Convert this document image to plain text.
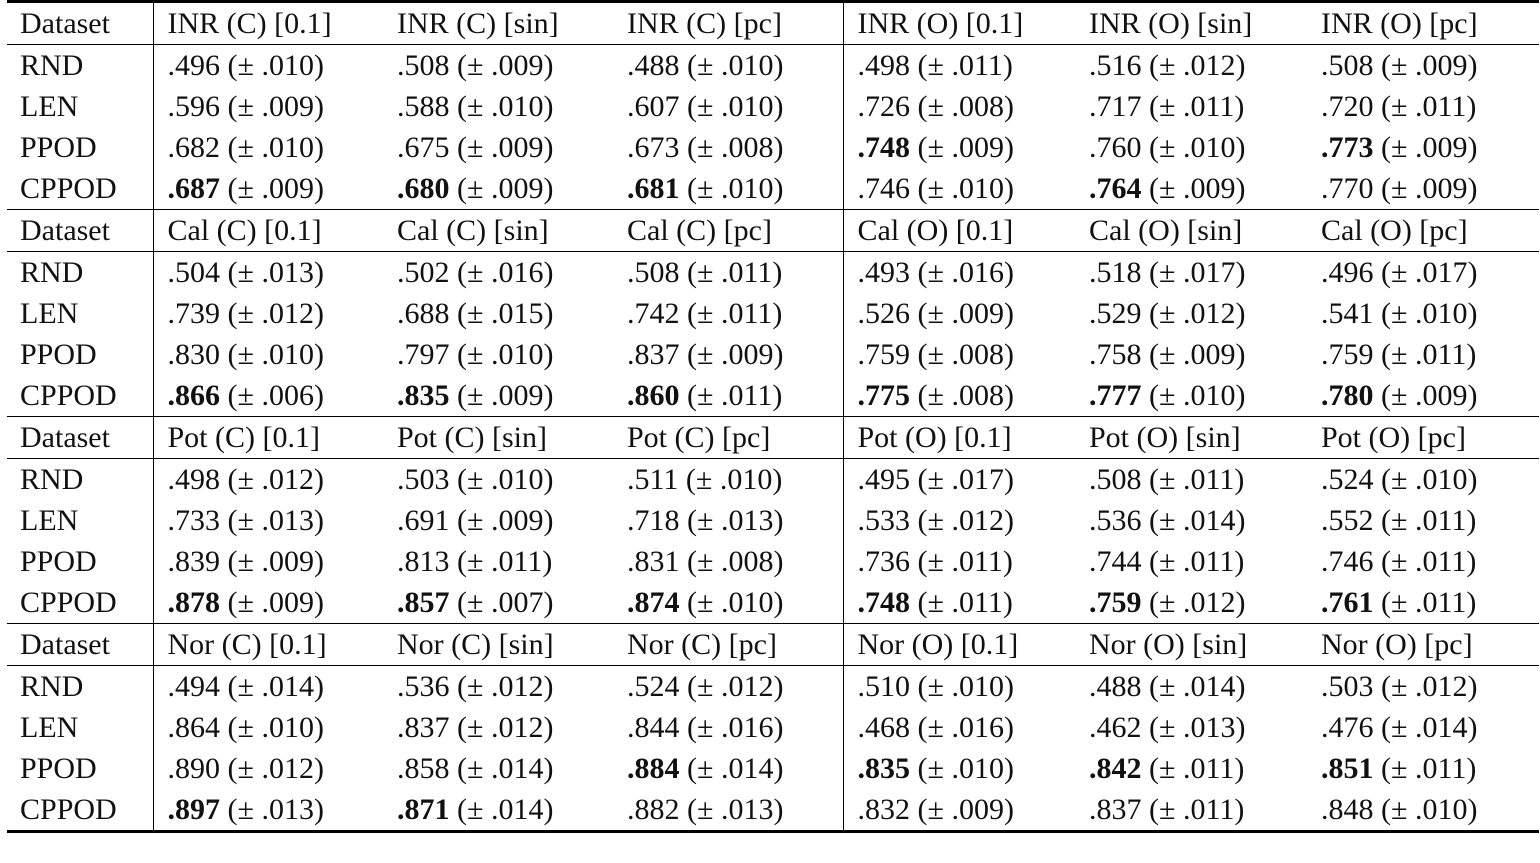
Dataset	INR (C) [0.1]	INR (C) [sin]	INR (C) [pc]	INR (O) [0.1]	INR (O) [sin]	INR (O) [pc]
RND	.496 (± .010)	.508 (± .009)	.488 (± .010)	.498 (± .011)	.516 (± .012)	.508 (± .009)
LEN	.596 (± .009)	.588 (± .010)	.607 (± .010)	.726 (± .008)	.717 (± .011)	.720 (± .011)
PPOD	.682 (± .010)	.675 (± .009)	.673 (± .008)	.748 (± .009)	.760 (± .010)	.773 (± .009)
CPPOD	.687 (± .009)	.680 (± .009)	.681 (± .010)	.746 (± .010)	.764 (± .009)	.770 (± .009)
Dataset	Cal (C) [0.1]	Cal (C) [sin]	Cal (C) [pc]	Cal (O) [0.1]	Cal (O) [sin]	Cal (O) [pc]
RND	.504 (± .013)	.502 (± .016)	.508 (± .011)	.493 (± .016)	.518 (± .017)	.496 (± .017)
LEN	.739 (± .012)	.688 (± .015)	.742 (± .011)	.526 (± .009)	.529 (± .012)	.541 (± .010)
PPOD	.830 (± .010)	.797 (± .010)	.837 (± .009)	.759 (± .008)	.758 (± .009)	.759 (± .011)
CPPOD	.866 (± .006)	.835 (± .009)	.860 (± .011)	.775 (± .008)	.777 (± .010)	.780 (± .009)
Dataset	Pot (C) [0.1]	Pot (C) [sin]	Pot (C) [pc]	Pot (O) [0.1]	Pot (O) [sin]	Pot (O) [pc]
RND	.498 (± .012)	.503 (± .010)	.511 (± .010)	.495 (± .017)	.508 (± .011)	.524 (± .010)
LEN	.733 (± .013)	.691 (± .009)	.718 (± .013)	.533 (± .012)	.536 (± .014)	.552 (± .011)
PPOD	.839 (± .009)	.813 (± .011)	.831 (± .008)	.736 (± .011)	.744 (± .011)	.746 (± .011)
CPPOD	.878 (± .009)	.857 (± .007)	.874 (± .010)	.748 (± .011)	.759 (± .012)	.761 (± .011)
Dataset	Nor (C) [0.1]	Nor (C) [sin]	Nor (C) [pc]	Nor (O) [0.1]	Nor (O) [sin]	Nor (O) [pc]
RND	.494 (± .014)	.536 (± .012)	.524 (± .012)	.510 (± .010)	.488 (± .014)	.503 (± .012)
LEN	.864 (± .010)	.837 (± .012)	.844 (± .016)	.468 (± .016)	.462 (± .013)	.476 (± .014)
PPOD	.890 (± .012)	.858 (± .014)	.884 (± .014)	.835 (± .010)	.842 (± .011)	.851 (± .011)
CPPOD	.897 (± .013)	.871 (± .014)	.882 (± .013)	.832 (± .009)	.837 (± .011)	.848 (± .010)
